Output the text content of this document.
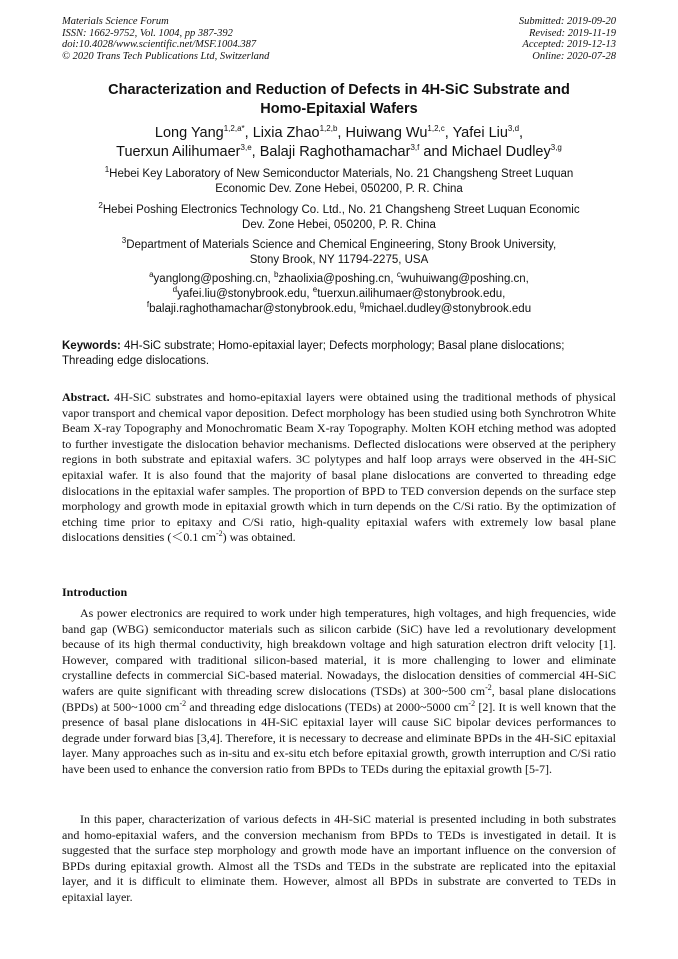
Materials Science Forum
ISSN: 1662-9752, Vol. 1004, pp 387-392
doi:10.4028/www.scientific.net/MSF.1004.387
© 2020 Trans Tech Publications Ltd, Switzerland
Submitted: 2019-09-20
Revised: 2019-11-19
Accepted: 2019-12-13
Online: 2020-07-28
Characterization and Reduction of Defects in 4H-SiC Substrate and
Homo-Epitaxial Wafers
Long Yang$^{1,2,a*}$, Lixia Zhao$^{1,2,b}$, Huiwang Wu$^{1,2,c}$, Yafei Liu$^{3,d}$,
Tuerxun Ailihumaer$^{3,e}$, Balaji Raghothamachar$^{3,f}$ and Michael Dudley$^{3,g}$
$^1$Hebei Key Laboratory of New Semiconductor Materials, No. 21 Changsheng Street Luquan
Economic Dev. Zone Hebei, 050200, P. R. China
$^2$Hebei Poshing Electronics Technology Co. Ltd., No. 21 Changsheng Street Luquan Economic
Dev. Zone Hebei, 050200, P. R. China
$^3$Department of Materials Science and Chemical Engineering, Stony Brook University,
Stony Brook, NY 11794-2275, USA
$^a$yanglong@poshing.cn, $^b$zhaolixia@poshing.cn, $^c$wuhuiwang@poshing.cn,
$^d$yafei.liu@stonybrook.edu, $^e$tuerxun.ailihumaer@stonybrook.edu,
$^f$balaji.raghothamachar@stonybrook.edu, $^g$michael.dudley@stonybrook.edu
Keywords: 4H-SiC substrate; Homo-epitaxial layer; Defects morphology; Basal plane dislocations; Threading edge dislocations.
Abstract. 4H-SiC substrates and homo-epitaxial layers were obtained using the traditional methods of physical vapor transport and chemical vapor deposition. Defect morphology has been studied using both Synchrotron White Beam X-ray Topography and Monochromatic Beam X-ray Topography. Molten KOH etching method was adopted to further investigate the dislocation behavior mechanisms. Deflected dislocations were observed at the periphery regions in both substrate and epitaxial wafers. 3C polytypes and half loop arrays were observed in the 4H-SiC epitaxial wafer. It is also found that the majority of basal plane dislocations are converted to threading edge dislocations in the epitaxial wafer samples. The proportion of BPD to TED conversion depends on the surface step morphology and growth mode in epitaxial growth which in turn depends on the C/Si ratio. By the optimization of etching time prior to epitaxy and C/Si ratio, high-quality epitaxial wafers with extremely low basal plane dislocations densities (＜0.1 $cm^{-2}$) was obtained.
Introduction
As power electronics are required to work under high temperatures, high voltages, and high frequencies, wide band gap (WBG) semiconductor materials such as silicon carbide (SiC) have led a revolutionary development because of its high thermal conductivity, high breakdown voltage and high saturation electron drift velocity [1]. However, compared with traditional silicon-based material, it is more challenging to lower and eliminate crystalline defects in commercial SiC-based material. Nowadays, the dislocation densities of commercial 4H-SiC wafers are quite significant with threading screw dislocations (TSDs) at 300~500 $cm^{-2}$, basal plane dislocations (BPDs) at 500~1000 $cm^{-2}$ and threading edge dislocations (TEDs) at 2000~5000 $cm^{-2}$ [2]. It is well known that the presence of basal plane dislocations in 4H-SiC epitaxial layer will cause SiC bipolar devices performances to degrade under forward bias [3,4]. Therefore, it is necessary to decrease and eliminate BPDs in the 4H-SiC epitaxial layer. Many approaches such as in-situ and ex-situ etch before epitaxial growth, growth interruption and C/Si ratio have been used to enhance the conversion ratio from BPDs to TEDs during the epitaxial growth [5-7].
In this paper, characterization of various defects in 4H-SiC material is presented including in both substrates and homo-epitaxial wafers, and the conversion mechanism from BPDs to TEDs is investigated in detail. It is suggested that the surface step morphology and growth mode have an important influence on the conversion of BPDs during epitaxial growth. Almost all the TSDs and TEDs in the substrate are replicated into the epitaxial layer, and it is difficult to eliminate them. However, almost all BPDs in substrate are converted to TEDs in epitaxial layer.
